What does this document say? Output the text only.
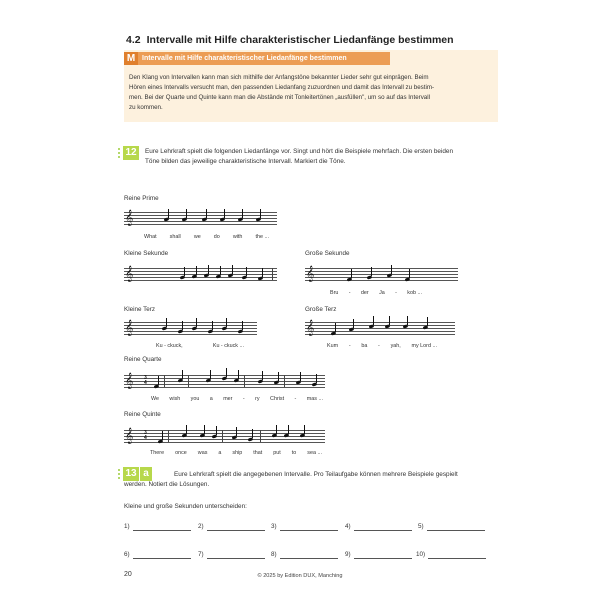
4.2 Intervalle mit Hilfe charakteristischer Liedanfänge bestimmen
M Intervalle mit Hilfe charakteristischer Liedanfänge bestimmen
Den Klang von Intervallen kann man sich mithilfe der Anfangstöne bekannter Lieder sehr gut einprägen. Beim
Hören eines Intervalls versucht man, den passenden Liedanfang zuzuordnen und damit das Intervall zu bestim-
men. Bei der Quarte und Quinte kann man die Abstände mit Tonleitertönen „ausfüllen", um so auf das Intervall
zu kommen.
12	Eure Lehrkraft spielt die folgenden Liedanfänge vor. Singt und hört die Beispiele mehrfach. Die ersten beiden
Töne bilden das jeweilige charakteristische Intervall. Markiert die Töne.
Reine Prime
𝄞
What shall we do with the ...
Kleine Sekunde
𝄞
Große Sekunde
𝄞
Bru - der Ja - kob ...
Kleine Terz
𝄞
Ku - ckuck,	Ku - ckuck ...
Große Terz
𝄞
Kum - ba - yah, my Lord ...
Reine Quarte
𝄞 3
4
We wish you a mer - ry Christ - mas ...
Reine Quinte
𝄞 3
4
There once was a ship that put to sea ...
13 a	Eure Lehrkraft spielt die angegebenen Intervalle. Pro Teilaufgabe können mehrere Beispiele gespielt
werden. Notiert die Lösungen.
Kleine und große Sekunden unterscheiden:
1)	2)	3)	4)	5)
6)	7)	8)	9)	10)
20	© 2025 by Edition DUX, Manching
